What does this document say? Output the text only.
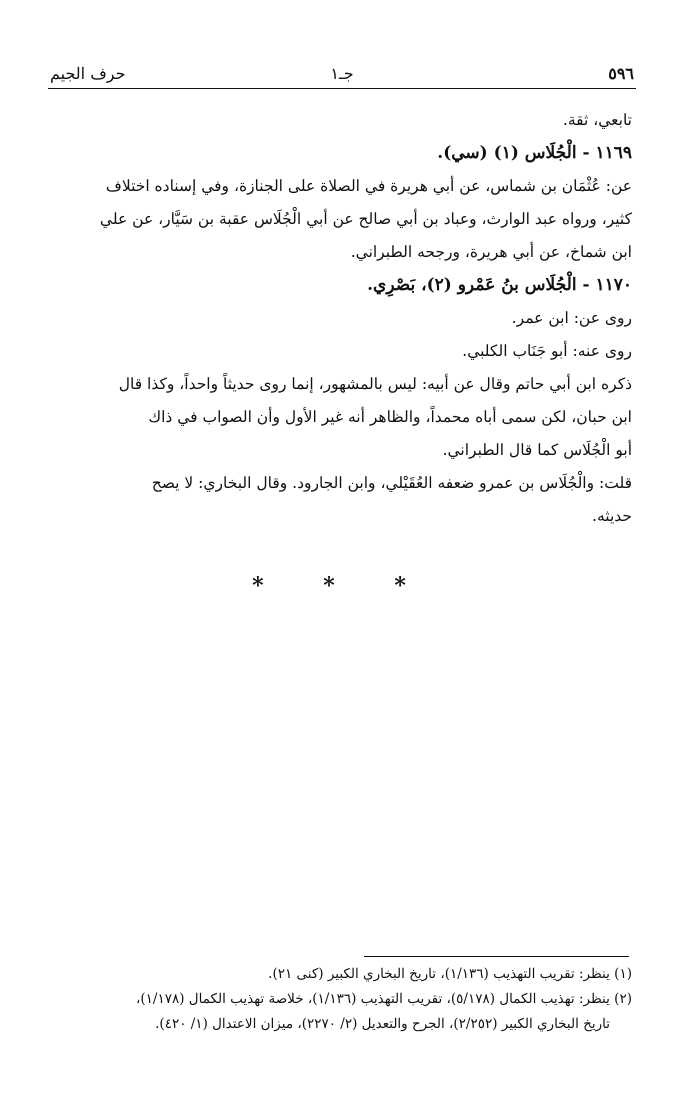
٥٩٦
جـ١
حرف الجيم

تابعي، ثقة.

١١٦٩ - الْجُلَاس (١) (سي).

عن: عُثْمَان بن شماس، عن أبي هريرة في الصلاة على الجنازة، وفي إسناده اختلاف

كثير، ورواه عبد الوارث، وعباد بن أبي صالح عن أبي الْجُلَاس عقبة بن سَيَّار، عن علي

ابن شماخ، عن أبي هريرة، ورجحه الطبراني.

١١٧٠ - الْجُلَاس بنُ عَمْرو (٢)، بَصْرِي.

روى عن: ابن عمر.

روى عنه: أبو جَنَاب الكلبي.

ذكره ابن أبي حاتم وقال عن أبيه: ليس بالمشهور، إنما روى حديثاً واحداً، وكذا قال

ابن حبان، لكن سمى أباه محمداً، والظاهر أنه غير الأول وأن الصواب في ذاك

أبو الْجُلَاس كما قال الطبراني.

قلت: والْجُلَاس بن عمرو ضعفه العُقَيْلي، وابن الجارود. وقال البخاري: لا يصح

حديثه.

* * *

(١) ينظر: تقريب التهذيب (١/١٣٦)، تاريخ البخاري الكبير (كنى ٢١).

(٢) ينظر: تهذيب الكمال (٥/١٧٨)، تقريب التهذيب (١/١٣٦)، خلاصة تهذيب الكمال (١/١٧٨)،

تاريخ البخاري الكبير (٢/٢٥٢)، الجرح والتعديل (٢/ ٢٢٧٠)، ميزان الاعتدال (١/ ٤٢٠).
